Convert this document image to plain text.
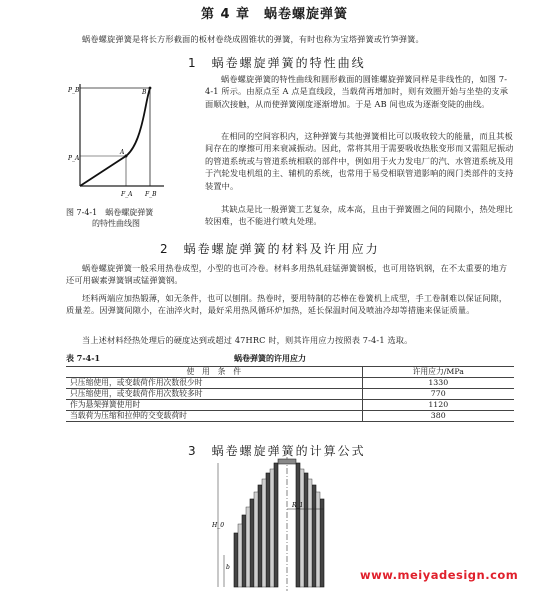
第 4 章　蜗卷螺旋弹簧
蜗卷螺旋弹簧是将长方形截面的板材卷绕成圆锥状的弹簧，有时也称为宝塔弹簧或竹笋弹簧。
1　蜗卷螺旋弹簧的特性曲线
P_B
P_A
B
A
F_A F_B
图 7-4-1　蜗卷螺旋弹簧
的特性曲线图
蜗卷螺旋弹簧的特性曲线和圆形截面的圆锥螺旋弹簧同样是非线性的，如图 7-4-1 所示。由原点至 A 点是直线段，当载荷再增加时，则有效圈开始与坐垫的支承面顺次接触，从而使弹簧刚度逐渐增加。于是 AB 间也成为逐渐变陡的曲线。
在相同的空间容积内，这种弹簧与其他弹簧相比可以吸收较大的能量，而且其板间存在的摩擦可用来衰减振动。因此，常将其用于需要吸收热胀变形而又需阻尼振动的管道系统或与管道系统相联的部件中，例如用于火力发电厂的汽、水管道系统及用于汽轮发电机组的主、辅机的系统，也常用于易受相联管道影响的阀门类部件的支持装置中。
其缺点是比一般弹簧工艺复杂，成本高，且由于弹簧圈之间的间隙小，热处理比较困难，也不能进行喷丸处理。
2　蜗卷螺旋弹簧的材料及许用应力
蜗卷螺旋弹簧一般采用热卷成型，小型的也可冷卷。材料多用热轧硅锰弹簧钢板，也可用铬钒钢，在不太重要的地方还可用碳素弹簧钢或锰弹簧钢。
坯料两端应加热锻薄，如无条件，也可以刨削。热卷时，要用特制的芯棒在卷簧机上成型，手工卷制难以保证间隙，质量差。因弹簧间隙小，在油淬火时，最好采用热风循环炉加热，延长保温时间及喷油冷却等措施来保证质量。
当上述材料经热处理后的硬度达到或超过 47HRC 时，则其许用应力按照表 7-4-1 选取。
表 7-4-1	蜗卷弹簧的许用应力
使　用　条　件	许用应力/MPa
只压缩使用，或变载荷作用次数很少时	1330
只压缩使用，或变载荷作用次数较多时	770
作为悬架弹簧使用时	1120
当载荷为压缩和拉伸的交变载荷时	380
3　蜗卷螺旋弹簧的计算公式
H_0
b
R_1
www.meiyadesign.com
